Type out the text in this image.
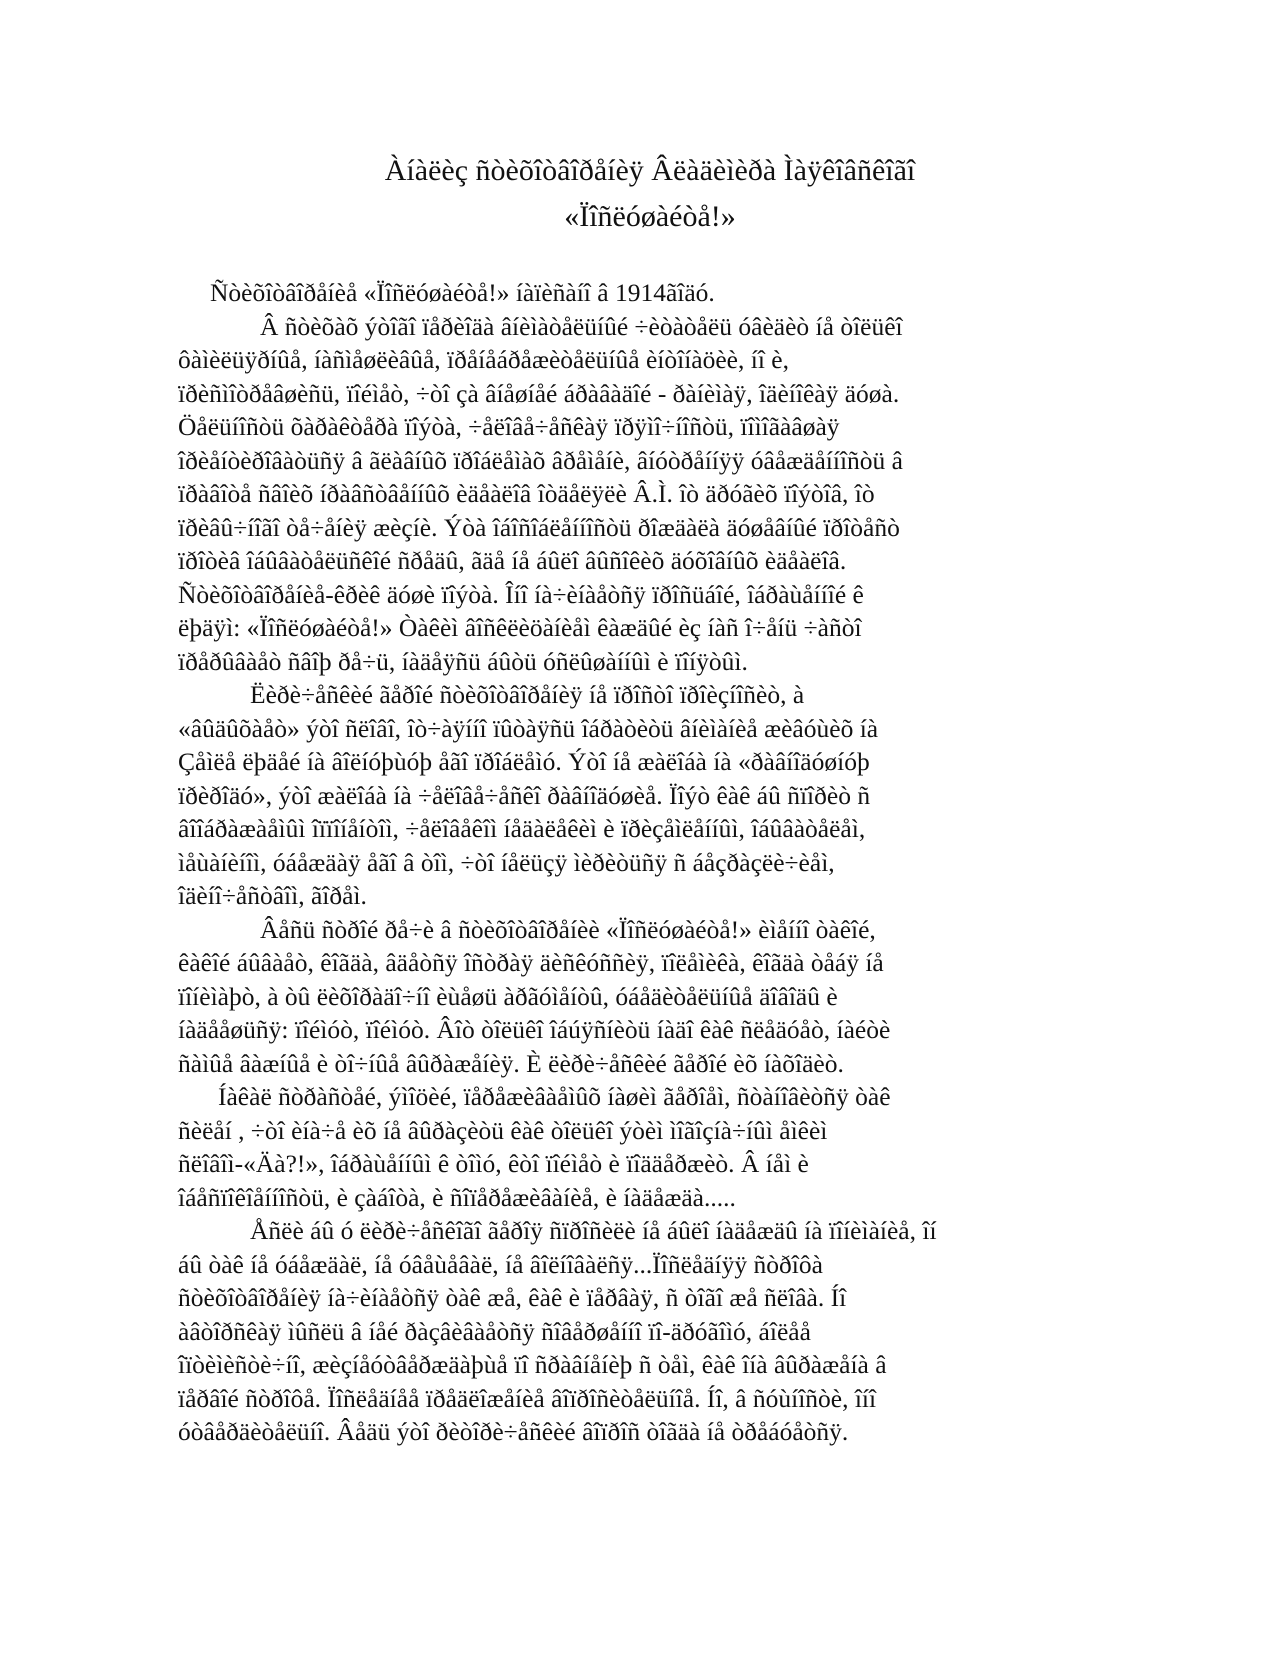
Àíàëèç ñòèõîòâîðåíèÿ Âëàäèìèðà Ìàÿêîâñêîãî
«Ïîñëóøàéòå!»

Ñòèõîòâîðåíèå «Ïîñëóøàéòå!» íàïèñàíî â 1914ãîäó.

Â ñòèõàõ ýòîãî ïåðèîäà âíèìàòåëüíûé ÷èòàòåëü óâèäèò íå òîëüêî
ôàìèëüÿðíûå, íàñìåøëèâûå, ïðåíåáðåæèòåëüíûå èíòîíàöèè, íî è,
ïðèñìîòðåâøèñü, ïîéìåò, ÷òî çà âíåøíåé áðàâàäîé - ðàíèìàÿ, îäèíîêàÿ äóøà.
Öåëüíîñòü õàðàêòåðà ïîýòà, ÷åëîâå÷åñêàÿ ïðÿìî÷íîñòü, ïîìîãàâøàÿ
îðèåíòèðîâàòüñÿ â ãëàâíûõ ïðîáëåìàõ âðåìåíè, âíóòðåííÿÿ óâåæäåííîñòü â
ïðàâîòå ñâîèõ íðàâñòâåííûõ èäåàëîâ îòäåëÿëè Â.Ì. îò äðóãèõ ïîýòîâ, îò
ïðèâû÷íîãî òå÷åíèÿ æèçíè. Ýòà îáîñîáëåííîñòü ðîæäàëà äóøåâíûé ïðîòåñò
ïðîòèâ îáûâàòåëüñêîé ñðåäû, ãäå íå áûëî âûñîêèõ äóõîâíûõ èäåàëîâ.
Ñòèõîòâîðåíèå-êðèê äóøè ïîýòà. Îíî íà÷èíàåòñÿ ïðîñüáîé, îáðàùåííîé ê
ëþäÿì: «Ïîñëóøàéòå!» Òàêèì âîñêëèöàíèåì êàæäûé èç íàñ î÷åíü ÷àñòî
ïðåðûâàåò ñâîþ ðå÷ü, íàäåÿñü áûòü óñëûøàííûì è ïîíÿòûì.

Ëèðè÷åñêèé ãåðîé ñòèõîòâîðåíèÿ íå ïðîñòî ïðîèçíîñèò, à
«âûäûõàåò» ýòî ñëîâî, îò÷àÿííî ïûòàÿñü îáðàòèòü âíèìàíèå æèâóùèõ íà
Çåìëå ëþäåé íà âîëíóþùóþ åãî ïðîáëåìó. Ýòî íå æàëîáà íà «ðàâíîäóøíóþ
ïðèðîäó», ýòî æàëîáà íà ÷åëîâå÷åñêî ðàâíîäóøèå. Ïîýò êàê áû ñïîðèò ñ
âîîáðàæàåìûì îïïîíåíòîì, ÷åëîâåêîì íåäàëåêèì è ïðèçåìëåííûì, îáûâàòåëåì,
ìåùàíèíîì, óáåæäàÿ åãî â òîì, ÷òî íåëüçÿ ìèðèòüñÿ ñ áåçðàçëè÷èåì,
îäèíî÷åñòâîì, ãîðåì.

Âåñü ñòðîé ðå÷è â ñòèõîòâîðåíèè «Ïîñëóøàéòå!» èìåííî òàêîé,
êàêîé áûâàåò, êîãäà, âäåòñÿ îñòðàÿ äèñêóññèÿ, ïîëåìèêà, êîãäà òåáÿ íå
ïîíèìàþò, à òû ëèõîðàäî÷íî èùåøü àðãóìåíòû, óáåäèòåëüíûå äîâîäû è
íàäååøüñÿ: ïîéìóò, ïîéìóò. Âîò òîëüêî îáúÿñíèòü íàäî êàê ñëåäóåò, íàéòè
ñàìûå âàæíûå è òî÷íûå âûðàæåíèÿ. È ëèðè÷åñêèé ãåðîé èõ íàõîäèò.

Íàêàë ñòðàñòåé, ýìîöèé, ïåðåæèâàåìûõ íàøèì ãåðîåì, ñòàíîâèòñÿ òàê
ñèëåí , ÷òî èíà÷å èõ íå âûðàçèòü êàê òîëüêî ýòèì ìîãîçíà÷íûì åìêèì
ñëîâîì-«Äà?!», îáðàùåííûì ê òîìó, êòî ïîéìåò è ïîääåðæèò. Â íåì è
îáåñïîêîåííîñòü, è çàáîòà, è ñîïåðåæèâàíèå, è íàäåæäà.....

Åñëè áû ó ëèðè÷åñêîãî ãåðîÿ ñïðîñèëè íå áûëî íàäåæäû íà ïîíèìàíèå, îí
áû òàê íå óáåæäàë, íå óâåùåâàë, íå âîëíîâàëñÿ...Ïîñëåäíÿÿ ñòðîôà
ñòèõîòâîðåíèÿ íà÷èíàåòñÿ òàê æå, êàê è ïåðâàÿ, ñ òîãî æå ñëîâà. Íî
àâòîðñêàÿ ìûñëü â íåé ðàçâèâàåòñÿ ñîâåðøåííî ïî-äðóãîìó, áîëåå
îïòèìèñòè÷íî, æèçíåóòâåðæäàþùå ïî ñðàâíåíèþ ñ òåì, êàê îíà âûðàæåíà â
ïåðâîé ñòðîôå. Ïîñëåäíåå ïðåäëîæåíèå âîïðîñèòåëüíîå. Íî, â ñóùíîñòè, îíî
óòâåðäèòåëüíî. Âåäü ýòî ðèòîðè÷åñêèé âîïðîñ òîãäà íå òðåáóåòñÿ.
